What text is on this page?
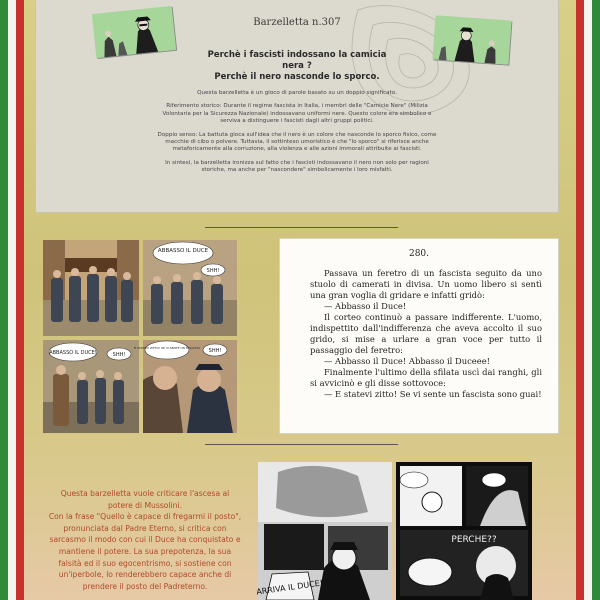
Barzelletta n.307
Perchè i fascisti indossano la camicia
nera ?
Perchè il nero nasconde lo sporco.

Questa barzelletta è un gioco di parole basato su un doppio significato.

Riferimento storico: Durante il regime fascista in Italia, i membri delle "Camicie Nere" (Milizia Volontaria per la Sicurezza Nazionale) indossavano uniformi nere. Questo colore era simbolico e serviva a distinguere i fascisti dagli altri gruppi politici.

Doppio senso: La battuta gioca sull'idea che il nero è un colore che nasconde lo sporco fisico, come macchie di cibo o polvere. Tuttavia, il sottinteso umoristico è che "lo sporco" si riferisce anche metaforicamente alla corruzione, alla violenza e alle azioni immorali attribuite ai fascisti.

In sintesi, la barzelletta ironizza sul fatto che i fascisti indossavano il nero non solo per ragioni storiche, ma anche per "nascondere" simbolicamente i loro misfatti.

ABBASSO IL DUCE
SHH!
ABBASSO IL DUCE!	SHH!
E STATEVI ZITTO! SE VI SENTE UN FASCISTA SHH!
280.

Passava un feretro di un fascista seguito da uno stuolo di camerati in divisa. Un uomo libero si sentì una gran voglia di gridare e infatti gridò:

— Abbasso il Duce!

Il corteo continuò a passare indifferente. L'uomo, indispettito dall'indifferenza che aveva accolto il suo grido, si mise a urlare a gran voce per tutto il passaggio del feretro:

— Abbasso il Duce! Abbasso il Duceee!

Finalmente l'ultimo della sfilata uscì dai ranghi, gli si avvicinò e gli disse sottovoce:

— E statevi zitto! Se vi sente un fascista sono guai!

Questa barzelletta vuole criticare l'ascesa al potere di Mussolini.

Con la frase "Quello è capace di fregarmi il posto", pronunciata dal Padre Eterno, si critica con sarcasmo il modo con cui il Duce ha conquistato e mantiene il potere. La sua prepotenza, la sua falsità ed il suo egocentrismo, si sostiene con un'iperbole, lo renderebbero capace anche di prendere il posto del Padreterno.	ARRIVA IL DUCE!
PERCHE??
